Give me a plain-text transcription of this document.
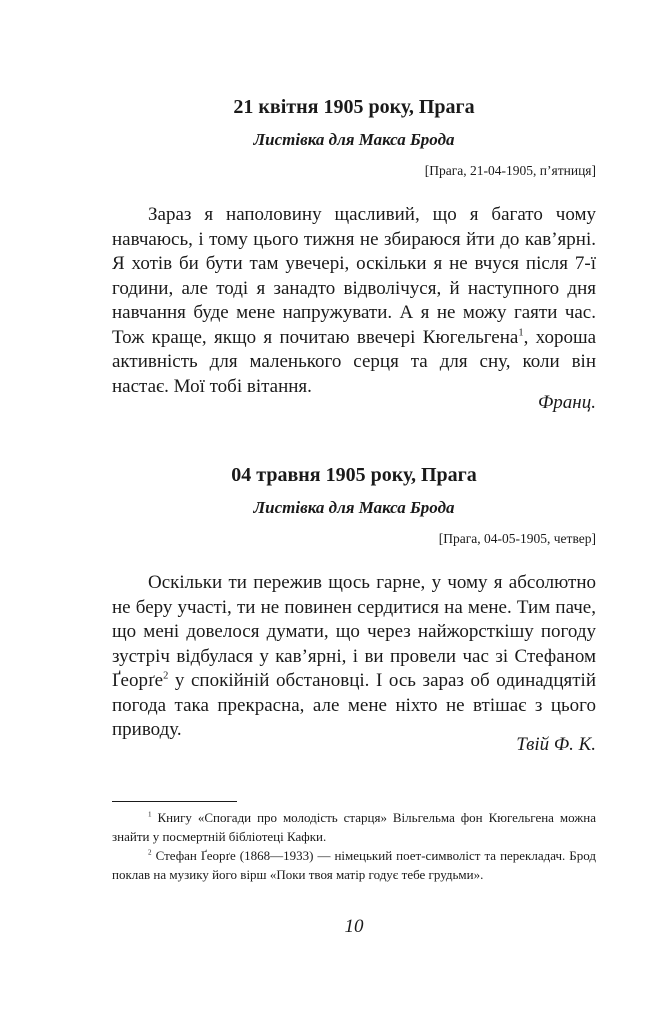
21 квітня 1905 року, Прага
Листівка для Макса Брода
[Прага, 21-04-1905, п’ятниця]

Зараз я наполовину щасливий, що я багато чому навчаюсь, і тому цього тижня не збираюся йти до кав’ярні. Я хотів би бути там увечері, оскільки я не вчуся після 7-ї години, але тоді я занадто відволічуся, й наступного дня навчання буде мене напружувати. А я не можу гаяти час. Тож краще, якщо я почитаю ввечері Кюгельгена$^1$, хороша активність для маленького серця та для сну, коли він настає. Мої тобі вітання.

Франц.
04 травня 1905 року, Прага
Листівка для Макса Брода
[Прага, 04-05-1905, четвер]

Оскільки ти пережив щось гарне, у чому я абсолютно не беру участі, ти не повинен сердитися на мене. Тим паче, що мені довелося думати, що через найжорсткішу погоду зустріч відбулася у кав’ярні, і ви провели час зі Стефаном Ґеорґе$^2$ у спокійній обстановці. І ось зараз об одинадцятій погода така прекрасна, але мене ніхто не втішає з цього приводу.

Твій Ф. К.

$^1$ Книгу «Спогади про молодість старця» Вільгельма фон Кюгельгена можна знайти у посмертній бібліотеці Кафки.

$^2$ Стефан Ґеорґе (1868—1933) — німецький поет-символіст та перекладач. Брод поклав на музику його вірш «Поки твоя матір годує тебе грудьми».

10
